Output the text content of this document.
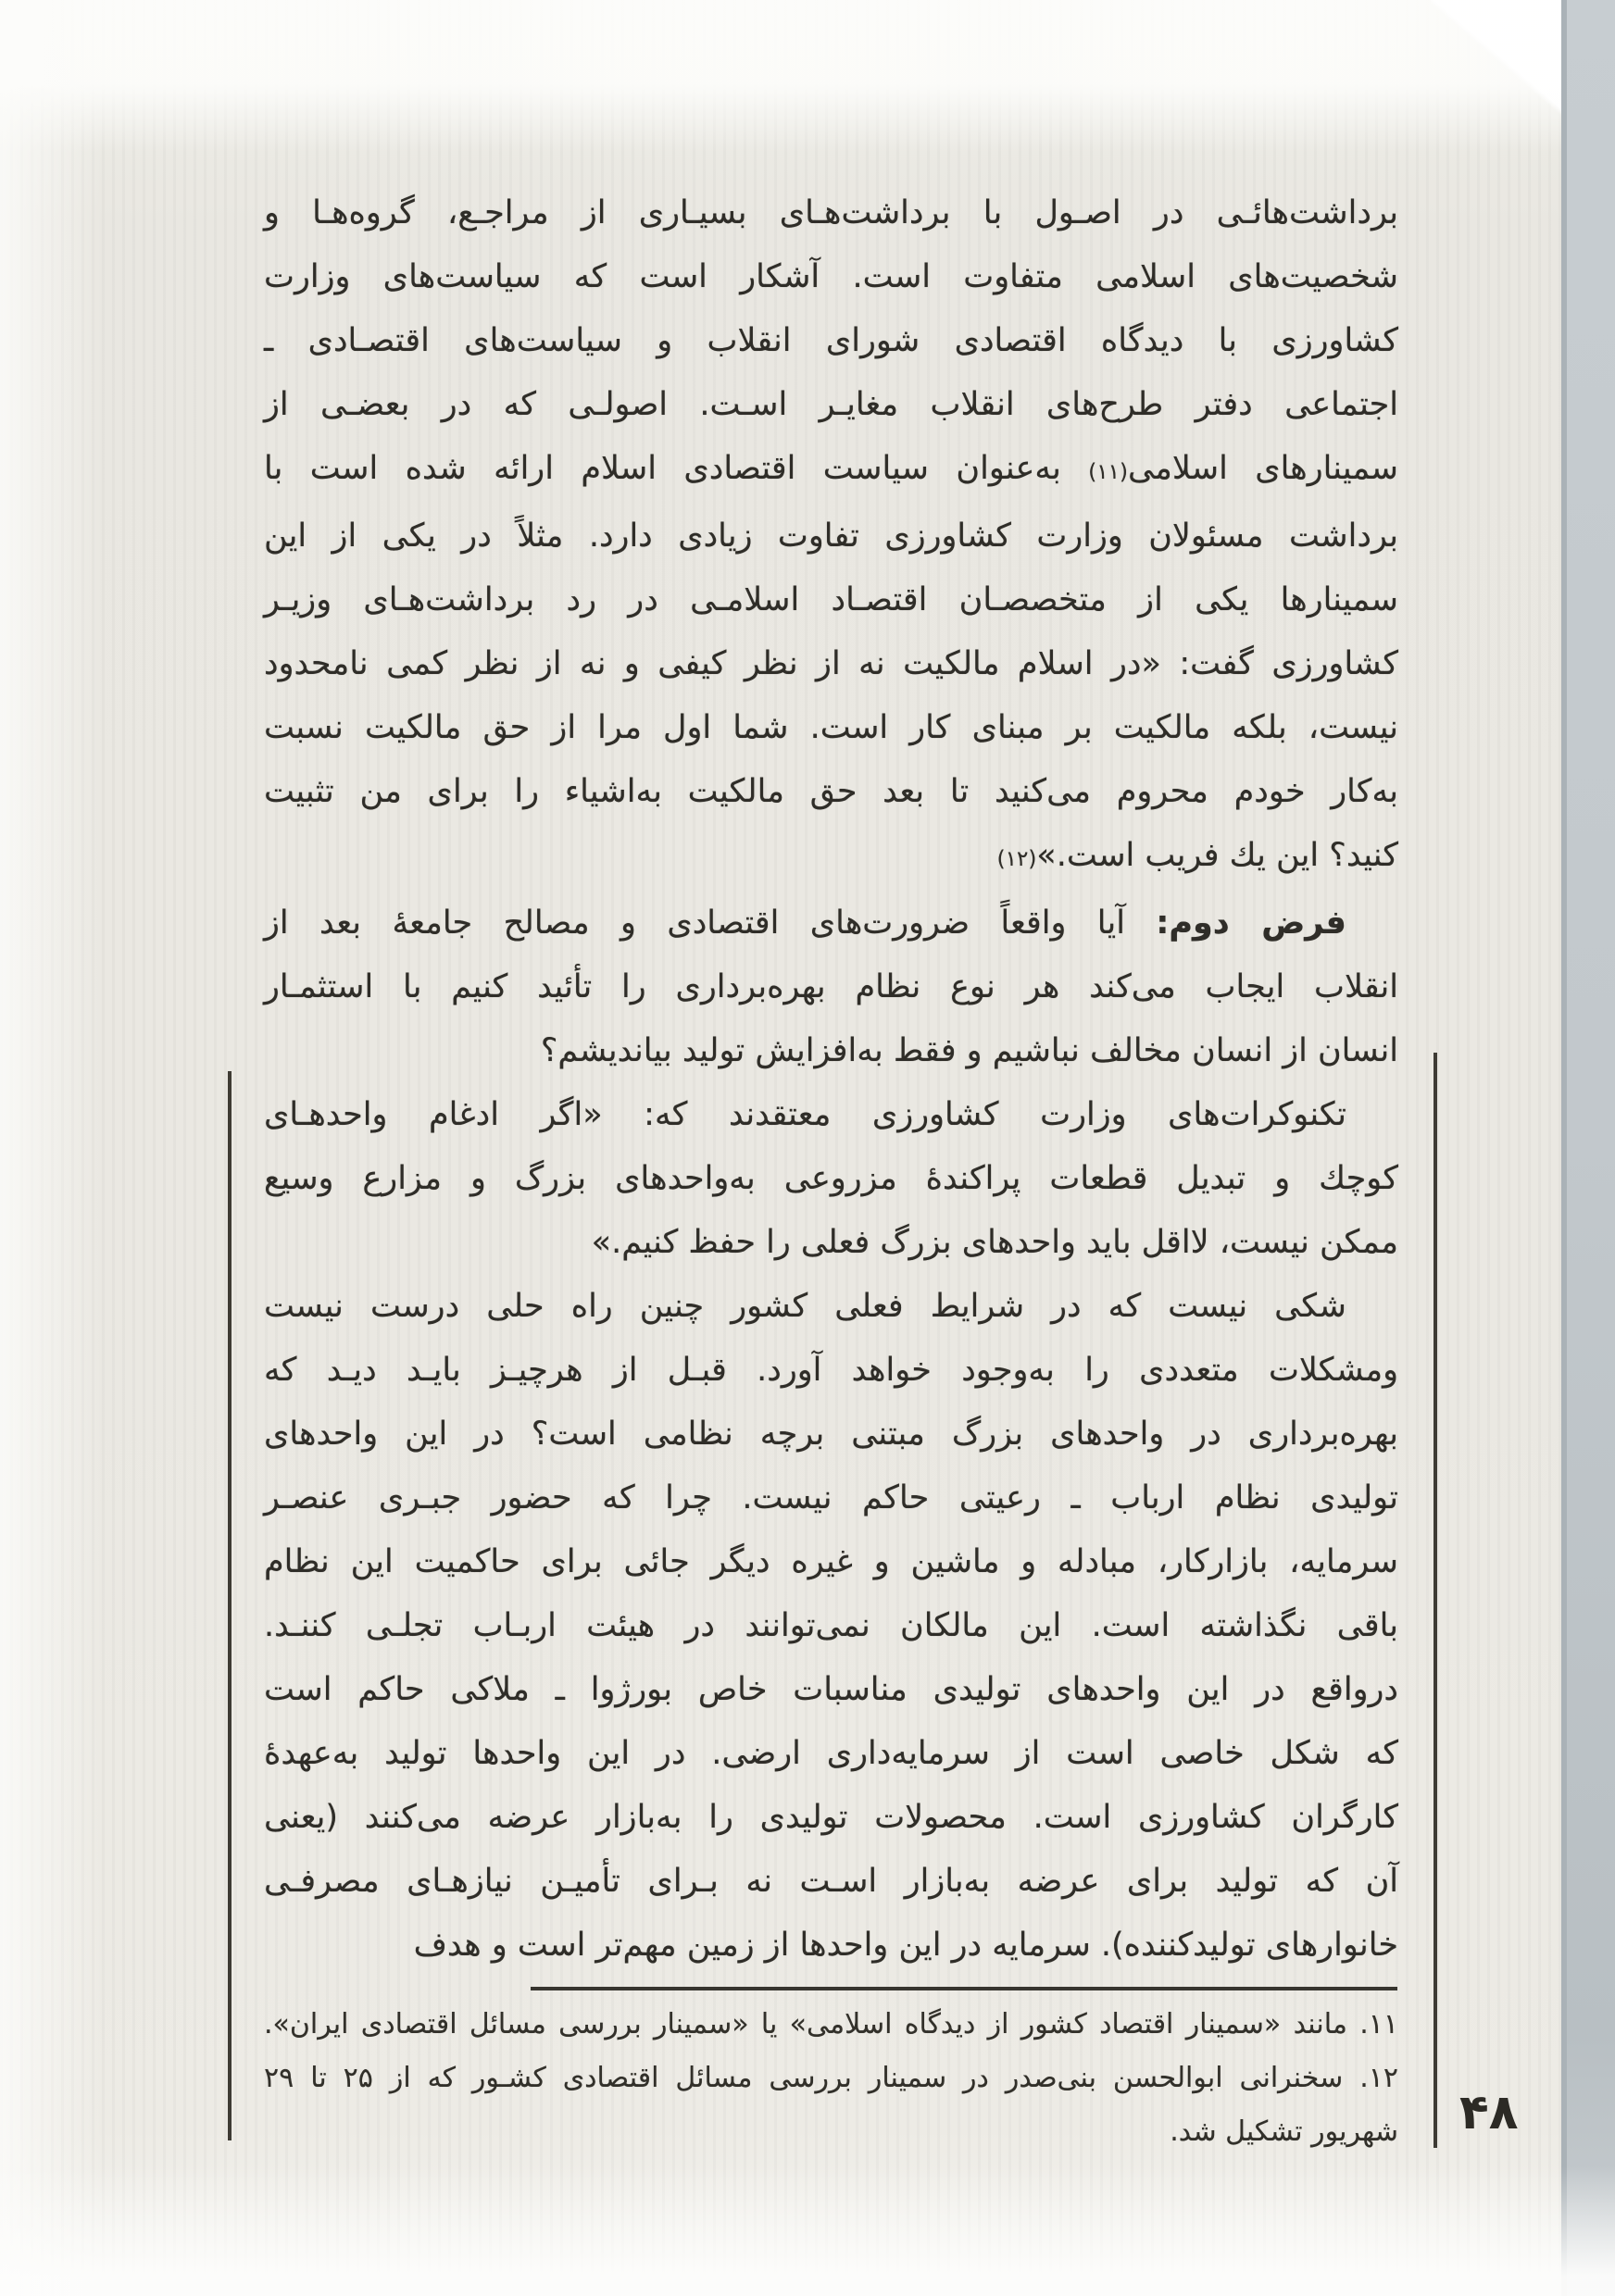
برداشت‌هائـی در اصـول با برداشت‌هـای بسیـاری از مراجـع، گروه‌هـا و
شخصیت‌های اسلامی متفاوت است. آشکار است که سیاست‌های وزارت
کشاورزی با دیدگاه اقتصادی شورای انقلاب و سیاست‌های اقتصـادی ـ
اجتماعی دفتر طرح‌های انقلاب مغایـر اسـت. اصولـی که در بعضـی از
سمینارهای اسلامی(۱۱) به‌عنوان سیاست اقتصادی اسلام ارائه شده است با
برداشت مسئولان وزارت کشاورزی تفاوت زیادی دارد. مثلاً در یکی از این
سمینارها یکی از متخصصـان اقتصـاد اسلامـی در رد برداشت‌هـای وزیـر
کشاورزی گفت: «در اسلام مالکیت نه از نظر کیفی و نه از نظر کمی نامحدود
نیست، بلکه مالکیت بر مبنای کار است. شما اول مرا از حق مالکیت نسبت
به‌کار خودم محروم می‌کنید تا بعد حق مالکیت به‌اشیاء را برای من تثبیت
کنید؟ این یك فریب است.»(۱۲)
فرض دوم: آیا واقعاً ضرورت‌های اقتصادی و مصالح جامعهٔ بعد از
انقلاب ایجاب می‌کند هر نوع نظام بهره‌برداری را تأئید کنیم با استثمـار
انسان از انسان مخالف نباشیم و فقط به‌افزایش تولید بیاندیشم؟
تکنوکرات‌های وزارت کشاورزی معتقدند که: «اگر ادغام واحدهـای
کوچك و تبدیل قطعات پراکندهٔ مزروعی به‌واحدهای بزرگ و مزارع وسیع
ممکن نیست، لااقل باید واحدهای بزرگ فعلی را حفظ کنیم.»
شکی نیست که در شرایط فعلی کشور چنین راه حلی درست نیست
ومشکلات متعددی را به‌وجود خواهد آورد. قبـل از هرچیـز بایـد دیـد که
بهره‌برداری در واحدهای بزرگ مبتنی برچه نظامی است؟ در این واحدهای
تولیدی نظام ارباب ـ رعیتی حاکم نیست. چرا که حضور جبـری عنصـر
سرمایه، بازارکار، مبادله و ماشین و غیره دیگر جائی برای حاکمیت این نظام
باقی نگذاشته است. این مالکان نمی‌توانند در هیئت اربـاب تجلـی کننـد.
درواقع در این واحدهای تولیدی مناسبات خاص بورژوا ـ ملاکی حاکم است
که شکل خاصی است از سرمایه‌داری ارضی. در این واحدها تولید به‌عهدهٔ
کارگران کشاورزی است. محصولات تولیدی را به‌بازار عرضه می‌کنند (یعنی
آن که تولید برای عرضه به‌بازار اسـت نه بـرای تأمیـن نیازهـای مصرفـی
خانوارهای تولیدکننده). سرمایه در این واحدها از زمین مهم‌تر است و هدف
۱۱. مانند «سمینار اقتصاد کشور از دیدگاه اسلامی» یا «سمینار بررسی مسائل اقتصادی ایران».
۱۲. سخنرانی ابوالحسن بنی‌صدر در سمینار بررسی مسائل اقتصادی کشـور که از ۲۵ تا ۲۹
شهریور تشکیل شد. ۴۸
